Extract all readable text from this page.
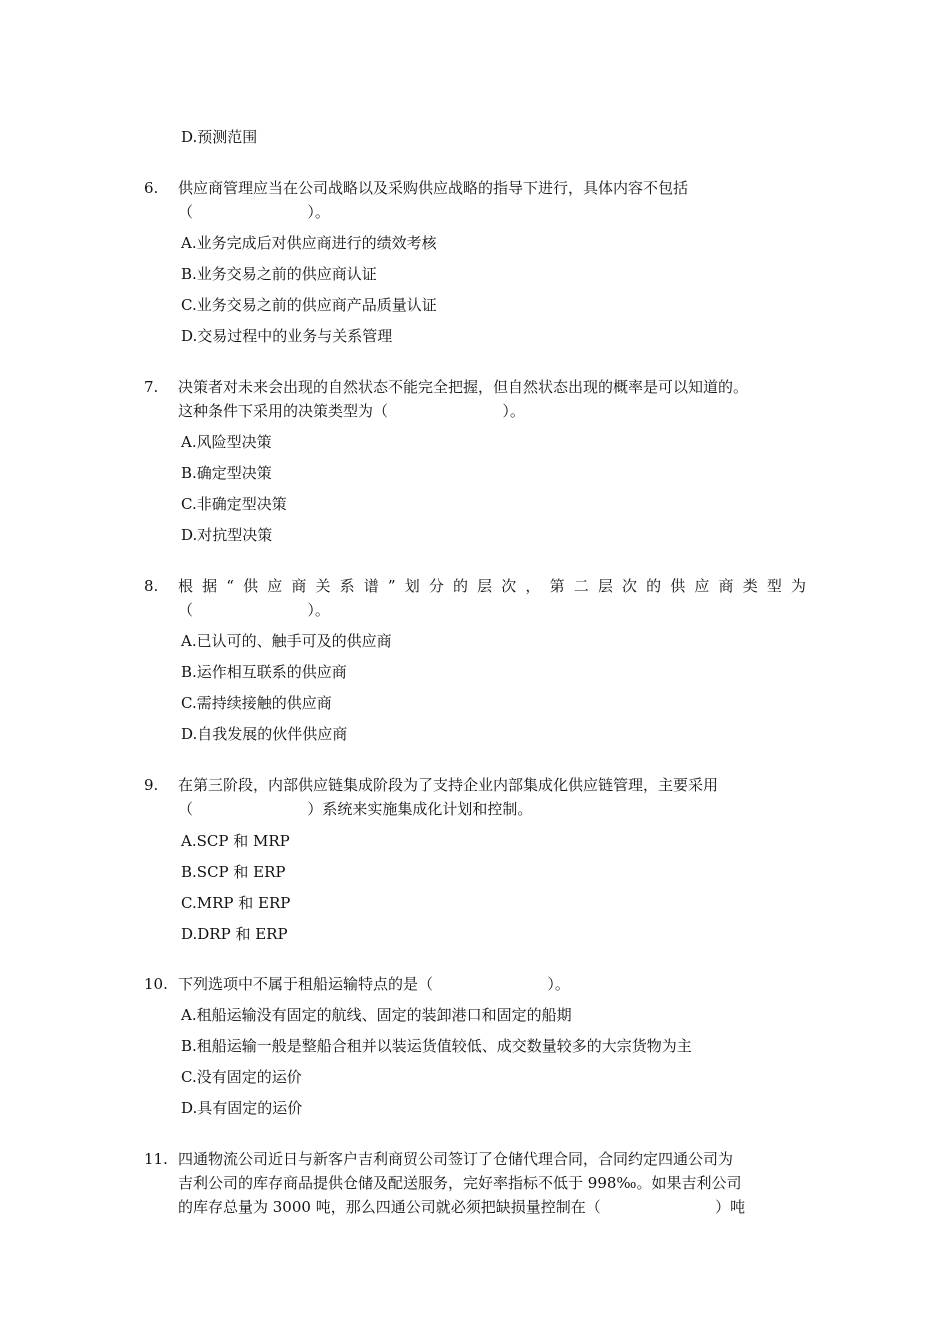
D.预测范围
6. 供应商管理应当在公司战略以及采购供应战略的指导下进行，具体内容不包括
（                        ）。
A.业务完成后对供应商进行的绩效考核
B.业务交易之前的供应商认证
C.业务交易之前的供应商产品质量认证
D.交易过程中的业务与关系管理
7. 决策者对未来会出现的自然状态不能完全把握，但自然状态出现的概率是可以知道的。
这种条件下采用的决策类型为（                        ）。
A.风险型决策
B.确定型决策
C.非确定型决策
D.对抗型决策
8. 根 据 “ 供 应 商 关 系 谱 ” 划 分 的 层 次 ， 第 二 层 次 的 供 应 商 类 型 为
（                        ）。
A.已认可的、触手可及的供应商
B.运作相互联系的供应商
C.需持续接触的供应商
D.自我发展的伙伴供应商
9. 在第三阶段，内部供应链集成阶段为了支持企业内部集成化供应链管理，主要采用
（                        ）系统来实施集成化计划和控制。
A.SCP 和 MRP
B.SCP 和 ERP
C.MRP 和 ERP
D.DRP 和 ERP
10. 下列选项中不属于租船运输特点的是（                        ）。
A.租船运输没有固定的航线、固定的装卸港口和固定的船期
B.租船运输一般是整船合租并以装运货值较低、成交数量较多的大宗货物为主
C.没有固定的运价
D.具有固定的运价
11. 四通物流公司近日与新客户吉利商贸公司签订了仓储代理合同，合同约定四通公司为
吉利公司的库存商品提供仓储及配送服务，完好率指标不低于 998‰。如果吉利公司
的库存总量为 3000 吨，那么四通公司就必须把缺损量控制在（                        ）吨
